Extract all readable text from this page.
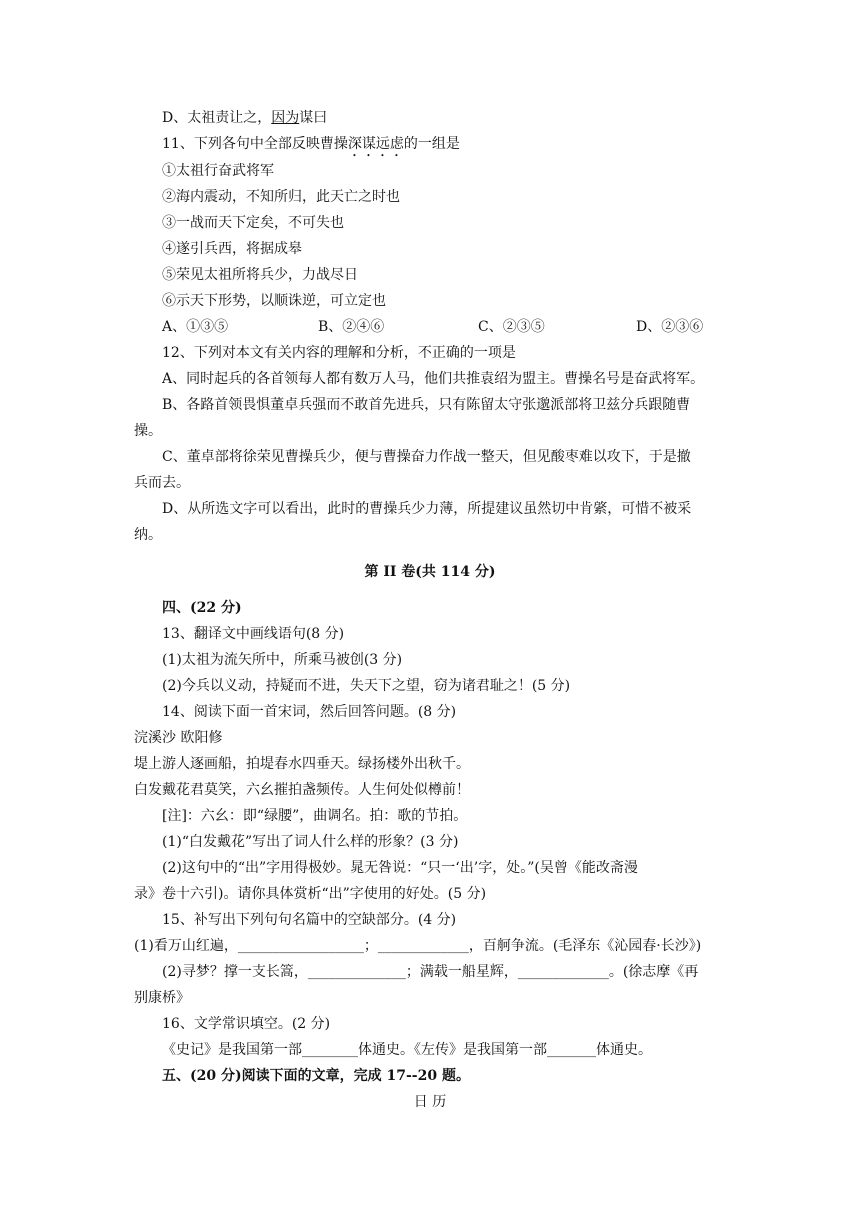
D、太祖责让之，因为谋曰
11、下列各句中全部反映曹操深谋远虑的一组是
①太祖行奋武将军
②海内震动，不知所归，此天亡之时也
③一战而天下定矣，不可失也
④遂引兵西，将据成皋
⑤荣见太祖所将兵少，力战尽日
⑥示天下形势，以顺诛逆，可立定也
A、①③⑤	B、②④⑥	C、②③⑤	D、②③⑥
12、下列对本文有关内容的理解和分析，不正确的一项是
A、同时起兵的各首领每人都有数万人马，他们共推袁绍为盟主。曹操名号是奋武将军。
B、各路首领畏惧董卓兵强而不敢首先进兵，只有陈留太守张邈派部将卫兹分兵跟随曹
操。
C、董卓部将徐荣见曹操兵少，便与曹操奋力作战一整天，但见酸枣难以攻下，于是撤
兵而去。
D、从所选文字可以看出，此时的曹操兵少力薄，所提建议虽然切中肯綮，可惜不被采
纳。
第 II 卷(共 114 分)
四、(22 分)
13、翻译文中画线语句(8 分)
(1)太祖为流矢所中，所乘马被创(3 分)
(2)今兵以义动，持疑而不进，失天下之望，窃为诸君耻之！(5 分)
14、阅读下面一首宋词，然后回答问题。(8 分)
浣溪沙 欧阳修
堤上游人逐画船，拍堤春水四垂天。绿扬楼外出秋千。
白发戴花君莫笑，六幺摧拍盏频传。人生何处似樽前！
[注]：六幺：即“绿腰”，曲调名。拍：歌的节拍。
(1)“白发戴花”写出了词人什么样的形象？(3 分)
(2)这句中的“出”字用得极妙。晁无咎说：“只一‘出’字，处。”(吴曾《能改斋漫
录》卷十六引)。请你具体赏析“出”字使用的好处。(5 分)
15、补写出下列句句名篇中的空缺部分。(4 分)
(1)看万山红遍，__________________；_____________，百舸争流。(毛泽东《沁园春·长沙》)
(2)寻梦？撑一支长篙，______________；满载一船星辉，_____________。(徐志摩《再
别康桥》
16、文学常识填空。(2 分)
《史记》是我国第一部________体通史。《左传》是我国第一部_______体通史。
五、(20 分)阅读下面的文章，完成 17--20 题。
日 历
